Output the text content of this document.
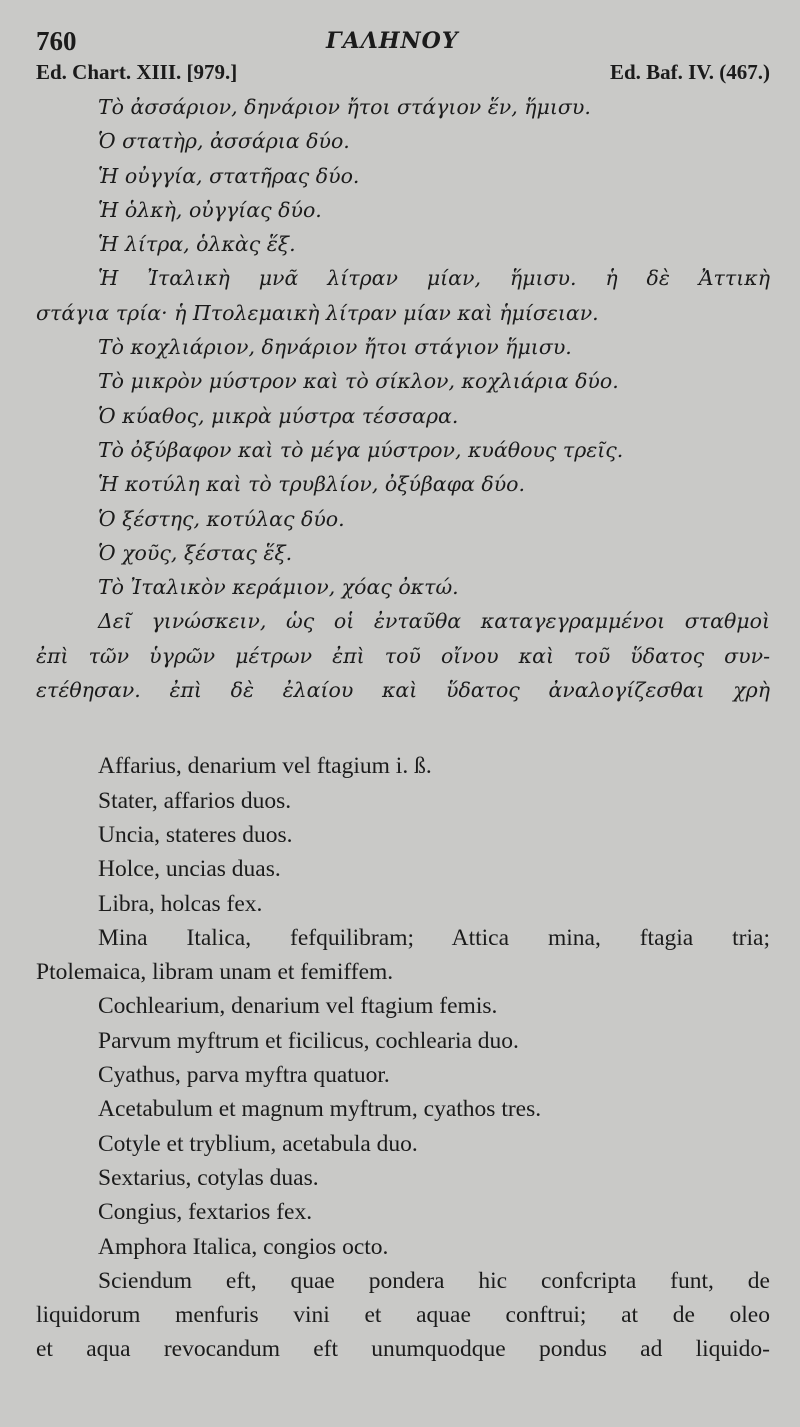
760	ΓΑΛΗΝΟΥ
Ed. Chart. XIII. [979.]	Ed. Baf. IV. (467.)
Τὸ ἀσσάριον, δηνάριον ἤτοι στάγιον ἕν, ἥμισυ.
Ὁ στατὴρ, ἀσσάρια δύο.
Ἡ οὐγγία, στατῆρας δύο.
Ἡ ὁλκὴ, οὐγγίας δύο.
Ἡ λίτρα, ὁλκὰς ἕξ.
Ἡ Ἰταλικὴ μνᾶ λίτραν μίαν, ἥμισυ. ἡ δὲ Ἀττικὴ
στάγια τρία· ἡ Πτολεμαικὴ λίτραν μίαν καὶ ἡμίσειαν.
Τὸ κοχλιάριον, δηνάριον ἤτοι στάγιον ἥμισυ.
Τὸ μικρὸν μύστρον καὶ τὸ σίκλον, κοχλιάρια δύο.
Ὁ κύαθος, μικρὰ μύστρα τέσσαρα.
Τὸ ὀξύβαφον καὶ τὸ μέγα μύστρον, κυάθους τρεῖς.
Ἡ κοτύλη καὶ τὸ τρυβλίον, ὀξύβαφα δύο.
Ὁ ξέστης, κοτύλας δύο.
Ὁ χοῦς, ξέστας ἕξ.
Τὸ Ἰταλικὸν κεράμιον, χόας ὀκτώ.
Δεῖ γινώσκειν, ὡς οἱ ἐνταῦθα καταγεγραμμένοι σταθμοὶ
ἐπὶ τῶν ὑγρῶν μέτρων ἐπὶ τοῦ οἴνου καὶ τοῦ ὕδατος συν-
ετέθησαν. ἐπὶ δὲ ἐλαίου καὶ ὕδατος ἀναλογίζεσθαι χρὴ
Affarius, denarium vel ftagium i. ß.
Stater, affarios duos.
Uncia, stateres duos.
Holce, uncias duas.
Libra, holcas fex.
Mina Italica, fefquilibram; Attica mina, ftagia tria;
Ptolemaica, libram unam et femiffem.
Cochlearium, denarium vel ftagium femis.
Parvum myftrum et ficilicus, cochlearia duo.
Cyathus, parva myftra quatuor.
Acetabulum et magnum myftrum, cyathos tres.
Cotyle et tryblium, acetabula duo.
Sextarius, cotylas duas.
Congius, fextarios fex.
Amphora Italica, congios octo.
Sciendum eft, quae pondera hic confcripta funt, de
liquidorum menfuris vini et aquae conftrui; at de oleo
et aqua revocandum eft unumquodque pondus ad liquido-
